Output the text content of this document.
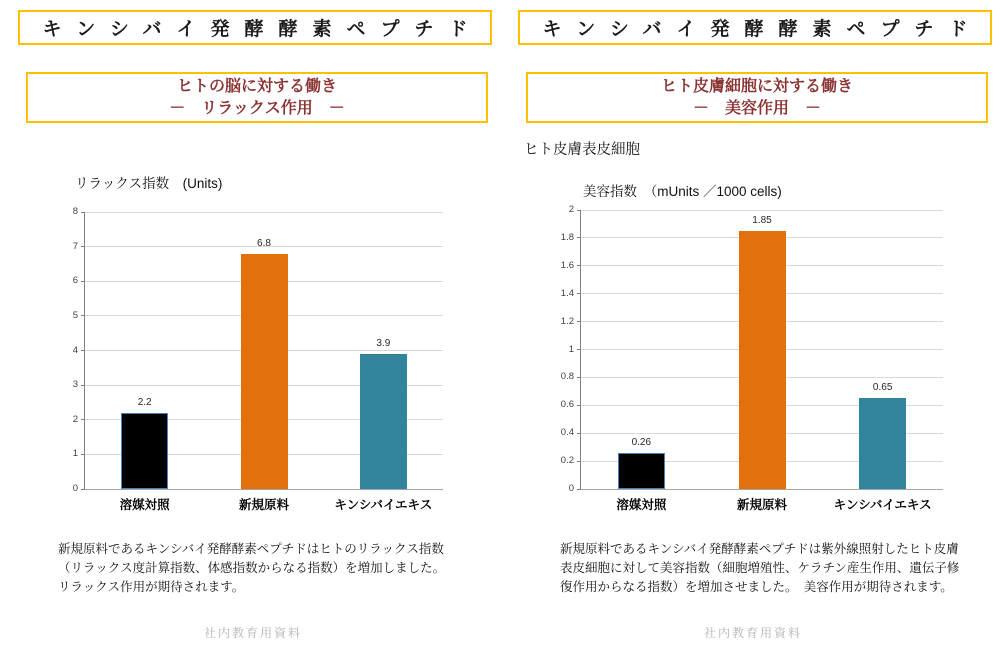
キンシバイ発酵酵素ペプチド
ヒトの脳に対する働き
－　リラックス作用　－
リラックス指数　(Units)
0
1
2
3
4
5
6
7
8
2.2
溶媒対照
6.8
新規原料
3.9
キンシバイエキス
新規原料であるキンシバイ発酵酵素ペプチドはヒトのリラックス指数（リラックス度計算指数、体感指数からなる指数）を増加しました。　リラックス作用が期待されます。
社内教育用資料
キンシバイ発酵酵素ペプチド
ヒト皮膚細胞に対する働き
－　美容作用　－
ヒト皮膚表皮細胞
美容指数　（mUnits ／1000 cells)
0
0.2
0.4
0.6
0.8
1
1.2
1.4
1.6
1.8
2
0.26
溶媒対照
1.85
新規原料
0.65
キンシバイエキス
新規原料であるキンシバイ発酵酵素ペプチドは紫外線照射したヒト皮膚表皮細胞に対して美容指数（細胞増殖性、ケラチン産生作用、遺伝子修復作用からなる指数）を増加させました。　美容作用が期待されます。
社内教育用資料
